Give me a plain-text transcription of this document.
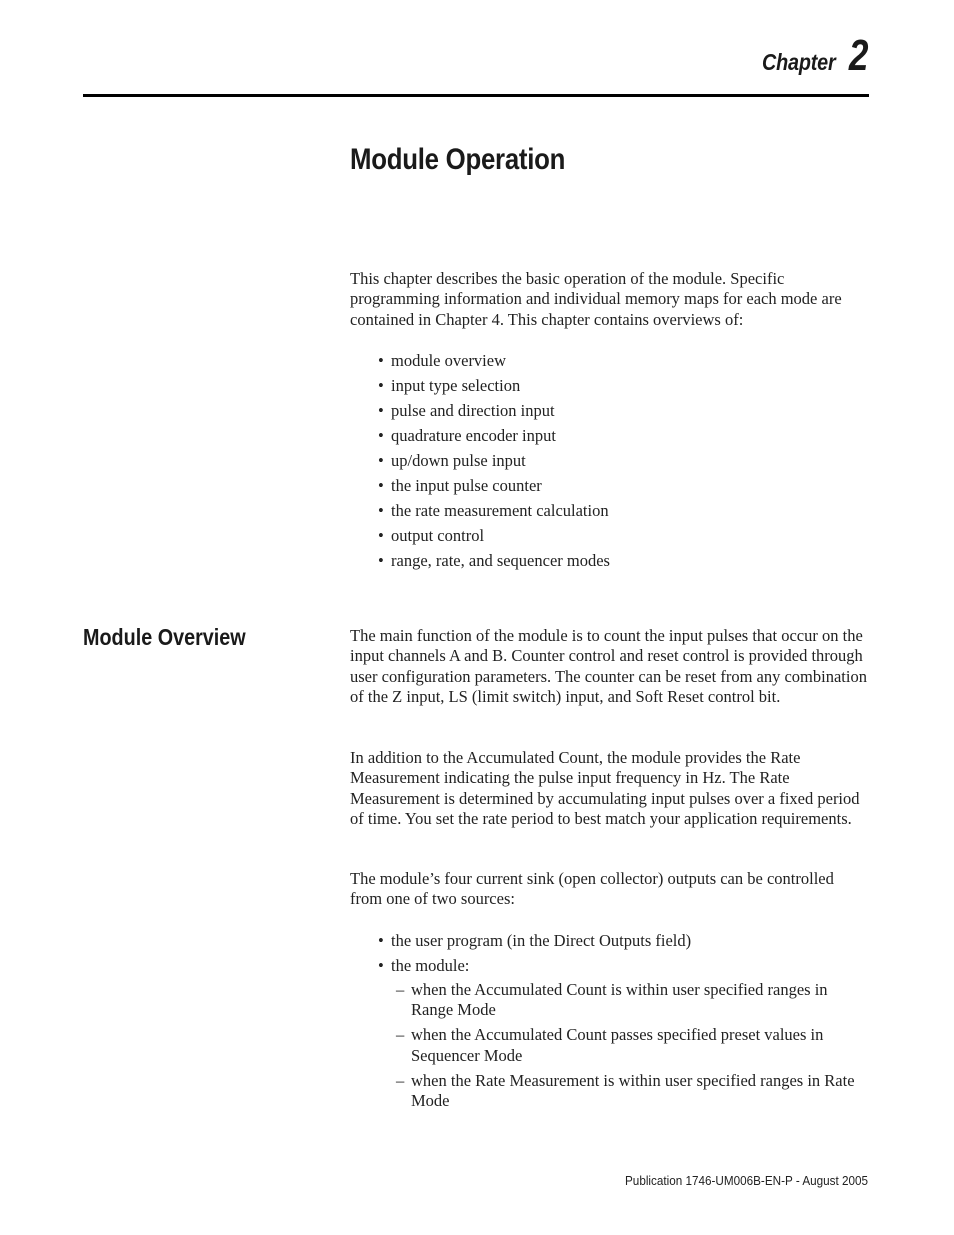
Chapter 2
Module Operation

This chapter describes the basic operation of the module. Specific programming information and individual memory maps for each mode are contained in Chapter 4. This chapter contains overviews of:

• module overview
• input type selection
• pulse and direction input
• quadrature encoder input
• up/down pulse input
• the input pulse counter
• the rate measurement calculation
• output control
• range, rate, and sequencer modes
Module Overview	The main function of the module is to count the input pulses that occur on the input channels A and B. Counter control and reset control is provided through user configuration parameters. The counter can be reset from any combination of the Z input, LS (limit switch) input, and Soft Reset control bit.

In addition to the Accumulated Count, the module provides the Rate Measurement indicating the pulse input frequency in Hz. The Rate Measurement is determined by accumulating input pulses over a fixed period of time. You set the rate period to best match your application requirements.

The module’s four current sink (open collector) outputs can be controlled from one of two sources:

• the user program (in the Direct Outputs field)
• the module:
– when the Accumulated Count is within user specified ranges in Range Mode
– when the Accumulated Count passes specified preset values in Sequencer Mode
– when the Rate Measurement is within user specified ranges in Rate Mode
Publication 1746-UM006B-EN-P - August 2005
